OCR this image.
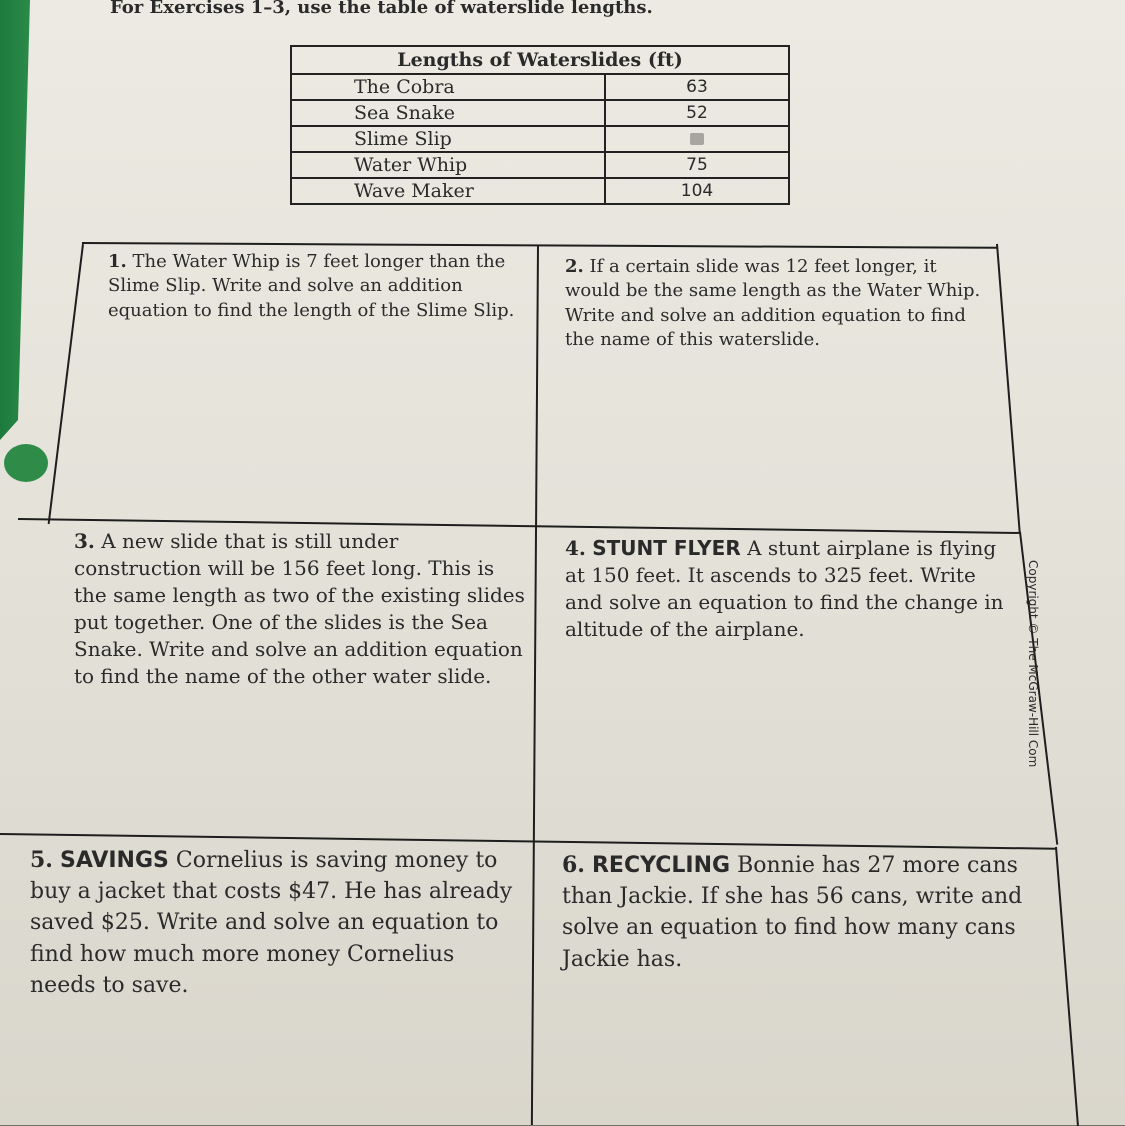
For Exercises 1–3, use the table of waterslide lengths.
Lengths of Waterslides (ft)	
The Cobra	63
Sea Snake	52
Slime Slip	
Water Whip	75
Wave Maker	104

1. The Water Whip is 7 feet longer than the Slime Slip. Write and solve an addition equation to find the length of the Slime Slip.

2. If a certain slide was 12 feet longer, it would be the same length as the Water Whip. Write and solve an addition equation to find the name of this waterslide.

3. A new slide that is still under construction will be 156 feet long. This is the same length as two of the existing slides put together. One of the slides is the Sea Snake. Write and solve an addition equation to find the name of the other water slide.

4. STUNT FLYER A stunt airplane is flying at 150 feet. It ascends to 325 feet. Write and solve an equation to find the change in altitude of the airplane.

5. SAVINGS Cornelius is saving money to buy a jacket that costs $47. He has already saved $25. Write and solve an equation to find how much more money Cornelius needs to save.

6. RECYCLING Bonnie has 27 more cans than Jackie. If she has 56 cans, write and solve an equation to find how many cans Jackie has.

Copyright © The McGraw-Hill Com
